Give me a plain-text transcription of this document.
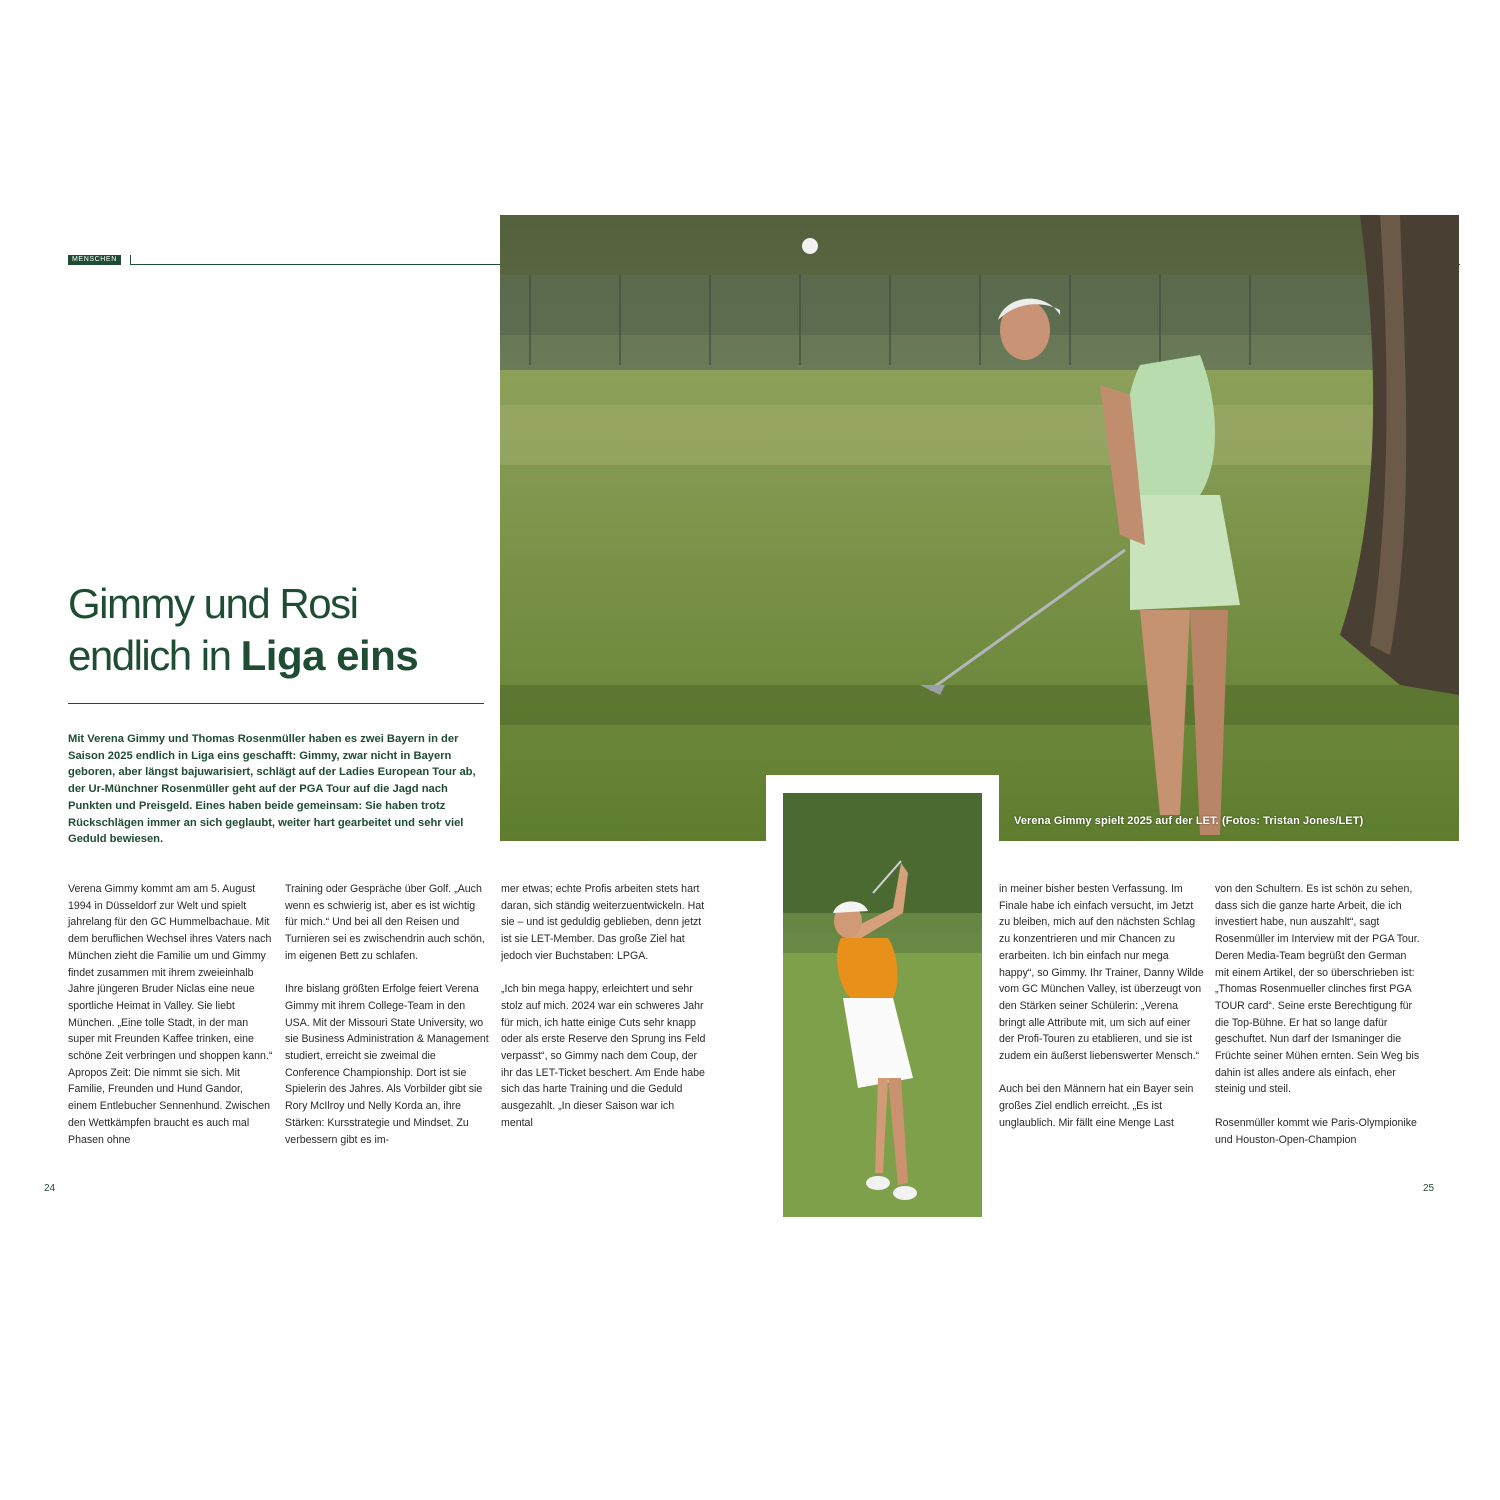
MENSCHEN
Verena Gimmy spielt 2025 auf der LET. (Fotos: Tristan Jones/LET)
Gimmy und Rosi
endlich in Liga eins

Mit Verena Gimmy und Thomas Rosenmüller haben es zwei Bayern in der Saison 2025 endlich in Liga eins geschafft: Gimmy, zwar nicht in Bayern geboren, aber längst bajuwarisiert, schlägt auf der Ladies European Tour ab, der Ur-Münchner Rosenmüller geht auf der PGA Tour auf die Jagd nach Punkten und Preisgeld. Eines haben beide gemeinsam: Sie haben trotz Rückschlägen immer an sich geglaubt, weiter hart gearbeitet und sehr viel Geduld bewiesen.

Verena Gimmy kommt am am 5. August 1994 in Düsseldorf zur Welt und spielt jahrelang für den GC Hummelbachaue. Mit dem beruflichen Wechsel ihres Vaters nach München zieht die Familie um und Gimmy findet zusammen mit ihrem zweieinhalb Jahre jüngeren Bruder Niclas eine neue sportliche Heimat in Valley. Sie liebt München. „Eine tolle Stadt, in der man super mit Freunden Kaffee trinken, eine schöne Zeit verbringen und shoppen kann.“ Apropos Zeit: Die nimmt sie sich. Mit Familie, Freunden und Hund Gandor, einem Entlebucher Sennenhund. Zwischen den Wettkämpfen braucht es auch mal Phasen ohne

Training oder Gespräche über Golf. „Auch wenn es schwierig ist, aber es ist wichtig für mich.“ Und bei all den Reisen und Turnieren sei es zwischendrin auch schön, im eigenen Bett zu schlafen.

Ihre bislang größten Erfolge feiert Verena Gimmy mit ihrem College-Team in den USA. Mit der Missouri State University, wo sie Business Administration & Management studiert, erreicht sie zweimal die Conference Championship. Dort ist sie Spielerin des Jahres. Als Vorbilder gibt sie Rory McIlroy und Nelly Korda an, ihre Stärken: Kursstrategie und Mindset. Zu verbessern gibt es im-

mer etwas; echte Profis arbeiten stets hart daran, sich ständig weiterzuentwickeln. Hat sie – und ist geduldig geblieben, denn jetzt ist sie LET-Member. Das große Ziel hat jedoch vier Buchstaben: LPGA.

„Ich bin mega happy, erleichtert und sehr stolz auf mich. 2024 war ein schweres Jahr für mich, ich hatte einige Cuts sehr knapp oder als erste Reserve den Sprung ins Feld verpasst“, so Gimmy nach dem Coup, der ihr das LET-Ticket beschert. Am Ende habe sich das harte Training und die Geduld ausgezahlt. „In dieser Saison war ich mental

in meiner bisher besten Verfassung. Im Finale habe ich einfach versucht, im Jetzt zu bleiben, mich auf den nächsten Schlag zu konzentrieren und mir Chancen zu erarbeiten. Ich bin einfach nur mega happy“, so Gimmy. Ihr Trainer, Danny Wilde vom GC München Valley, ist überzeugt von den Stärken seiner Schülerin: „Verena bringt alle Attribute mit, um sich auf einer der Profi-Touren zu etablieren, und sie ist zudem ein äußerst liebenswerter Mensch.“

Auch bei den Männern hat ein Bayer sein großes Ziel endlich erreicht. „Es ist unglaublich. Mir fällt eine Menge Last

von den Schultern. Es ist schön zu sehen, dass sich die ganze harte Arbeit, die ich investiert habe, nun auszahlt“, sagt Rosenmüller im Interview mit der PGA Tour. Deren Media-Team begrüßt den German mit einem Artikel, der so überschrieben ist: „Thomas Rosenmueller clinches first PGA TOUR card“. Seine erste Berechtigung für die Top-Bühne. Er hat so lange dafür geschuftet. Nun darf der Ismaninger die Früchte seiner Mühen ernten. Sein Weg bis dahin ist alles andere als einfach, eher steinig und steil.

Rosenmüller kommt wie Paris-Olympionike und Houston-Open-Champion

24	25
